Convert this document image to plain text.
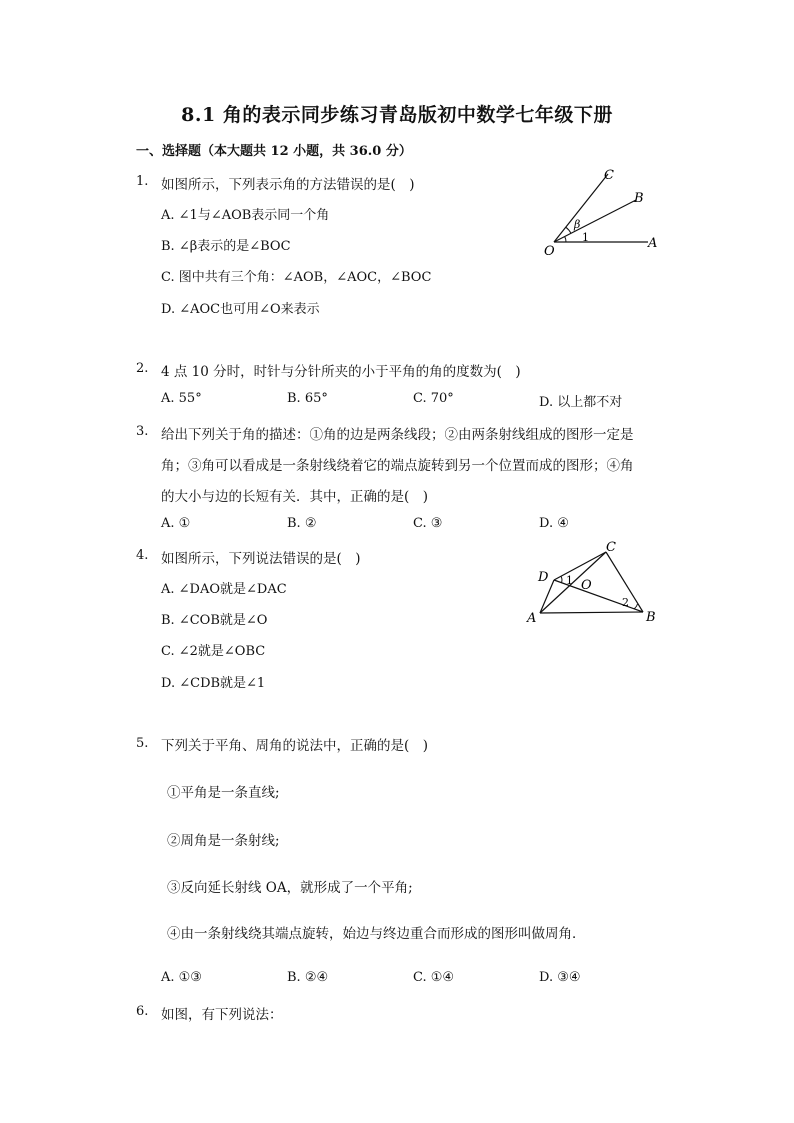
8.1 角的表示同步练习青岛版初中数学七年级下册
一、选择题（本大题共 12 小题，共 36.0 分）
1. 如图所示，下列表示角的方法错误的是(　)
A. ∠1与∠AOB表示同一个角
B. ∠β表示的是∠BOC
C. 图中共有三个角：∠AOB，∠AOC，∠BOC
D. ∠AOC也可用∠O来表示
C
B
O
A
β
1
2. 4 点 10 分时，时针与分针所夹的小于平角的角的度数为(　)
A. 55°	B. 65°	C. 70°	D. 以上都不对
3. 给出下列关于角的描述：①角的边是两条线段；②由两条射线组成的图形一定是
角；③角可以看成是一条射线绕着它的端点旋转到另一个位置而成的图形；④角
的大小与边的长短有关．其中，正确的是(　)
A. ①	B. ②	C. ③	D. ④
4. 如图所示，下列说法错误的是(　)
A. ∠DAO就是∠DAC
B. ∠COB就是∠O
C. ∠2就是∠OBC
D. ∠CDB就是∠1
C
D
O
A	B
1
2
5. 下列关于平角、周角的说法中，正确的是(　)
①平角是一条直线;
②周角是一条射线;
③反向延长射线 OA，就形成了一个平角;
④由一条射线绕其端点旋转，始边与终边重合而形成的图形叫做周角．
A. ①③	B. ②④	C. ①④	D. ③④
6. 如图，有下列说法：
